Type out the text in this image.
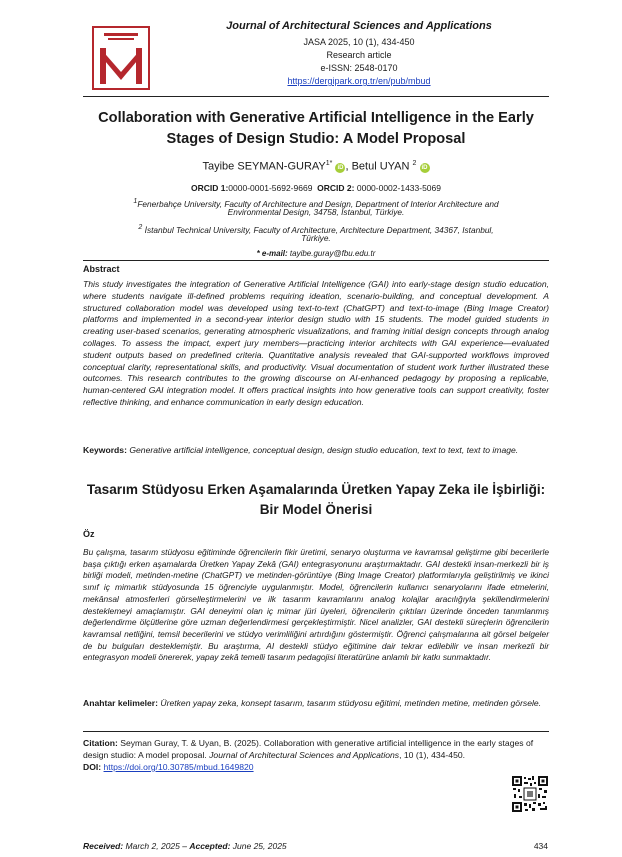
Journal of Architectural Sciences and Applications
JASA 2025, 10 (1), 434-450
Research article
e-ISSN: 2548-0170
https://dergipark.org.tr/en/pub/mbud
Collaboration with Generative Artificial Intelligence in the Early Stages of Design Studio: A Model Proposal
Tayibe SEYMAN-$GURAY^{1*}$ iD , Betul UYAN $^2$ iD
ORCID 1:0000-0001-5692-9669 ORCID 2: 0000-0002-1433-5069
$^1$Fenerbahçe University, Faculty of Architecture and Design, Department of Interior Architecture and
Environmental Design, 34758, Istanbul, Türkiye.
$^2$ İstanbul Technical University, Faculty of Architecture, Architecture Department, 34367, Istanbul,
Türkiye.
* e-mail: tayibe.guray@fbu.edu.tr
Abstract
This study investigates the integration of Generative Artificial Intelligence (GAI) into early-stage design studio education, where students navigate ill-defined problems requiring ideation, scenario-building, and conceptual development. A structured collaboration model was developed using text-to-text (ChatGPT) and text-to-image (Bing Image Creator) platforms and implemented in a second-year interior design studio with 15 students. The model guided students in creating user-based scenarios, generating atmospheric visualizations, and framing initial design concepts through analog collages. To assess the impact, expert jury members—practicing interior architects with GAI experience—evaluated student outputs based on predefined criteria. Quantitative analysis revealed that GAI-supported workflows improved conceptual clarity, representational skills, and productivity. Visual documentation of student work further illustrated these outcomes. This research contributes to the growing discourse on AI-enhanced pedagogy by proposing a replicable, human-centered GAI integration model. It offers practical insights into how generative tools can support creativity, foster reflective thinking, and enhance communication in early design education.
Keywords: Generative artificial intelligence, conceptual design, design studio education, text to text, text to image.
Tasarım Stüdyosu Erken Aşamalarında Üretken Yapay Zeka ile İşbirliği: Bir Model Önerisi
Öz
Bu çalışma, tasarım stüdyosu eğitiminde öğrencilerin fikir üretimi, senaryo oluşturma ve kavramsal geliştirme gibi becerilerle başa çıktığı erken aşamalarda Üretken Yapay Zekâ (GAI) entegrasyonunu araştırmaktadır. GAI destekli insan-merkezli bir iş birliği modeli, metinden-metine (ChatGPT) ve metinden-görüntüye (Bing Image Creator) platformlarıyla geliştirilmiş ve ikinci sınıf iç mimarlık stüdyosunda 15 öğrenciyle uygulanmıştır. Model, öğrencilerin kullanıcı senaryolarını ifade etmelerini, mekânsal atmosferleri görselleştirmelerini ve ilk tasarım kavramlarını analog kolajlar aracılığıyla şekillendirmelerini desteklemeyi amaçlamıştır. GAI deneyimi olan iç mimar jüri üyeleri, öğrencilerin çıktıları üzerinde önceden tanımlanmış değerlendirme ölçütlerine göre uzman değerlendirmesi gerçekleştirmiştir. Nicel analizler, GAI destekli süreçlerin öğrencilerin kavramsal netliğini, temsil becerilerini ve stüdyo verimliliğini artırdığını göstermiştir. Öğrenci çalışmalarına ait görsel belgeler de bu bulguları desteklemiştir. Bu araştırma, AI destekli stüdyo eğitimine dair tekrar edilebilir ve insan merkezli bir entegrasyon modeli önererek, yapay zekâ temelli tasarım pedagojisi literatürüne anlamlı bir katkı sunmaktadır.
Anahtar kelimeler: Üretken yapay zeka, konsept tasarım, tasarım stüdyosu eğitimi, metinden metine, metinden görsele.
Citation: Seyman Guray, T. & Uyan, B. (2025). Collaboration with generative artificial intelligence in the early stages of design studio: A model proposal. Journal of Architectural Sciences and Applications, 10 (1), 434-450.
DOI: https://doi.org/10.30785/mbud.1649820
Received: March 2, 2025 – Accepted: June 25, 2025	434
